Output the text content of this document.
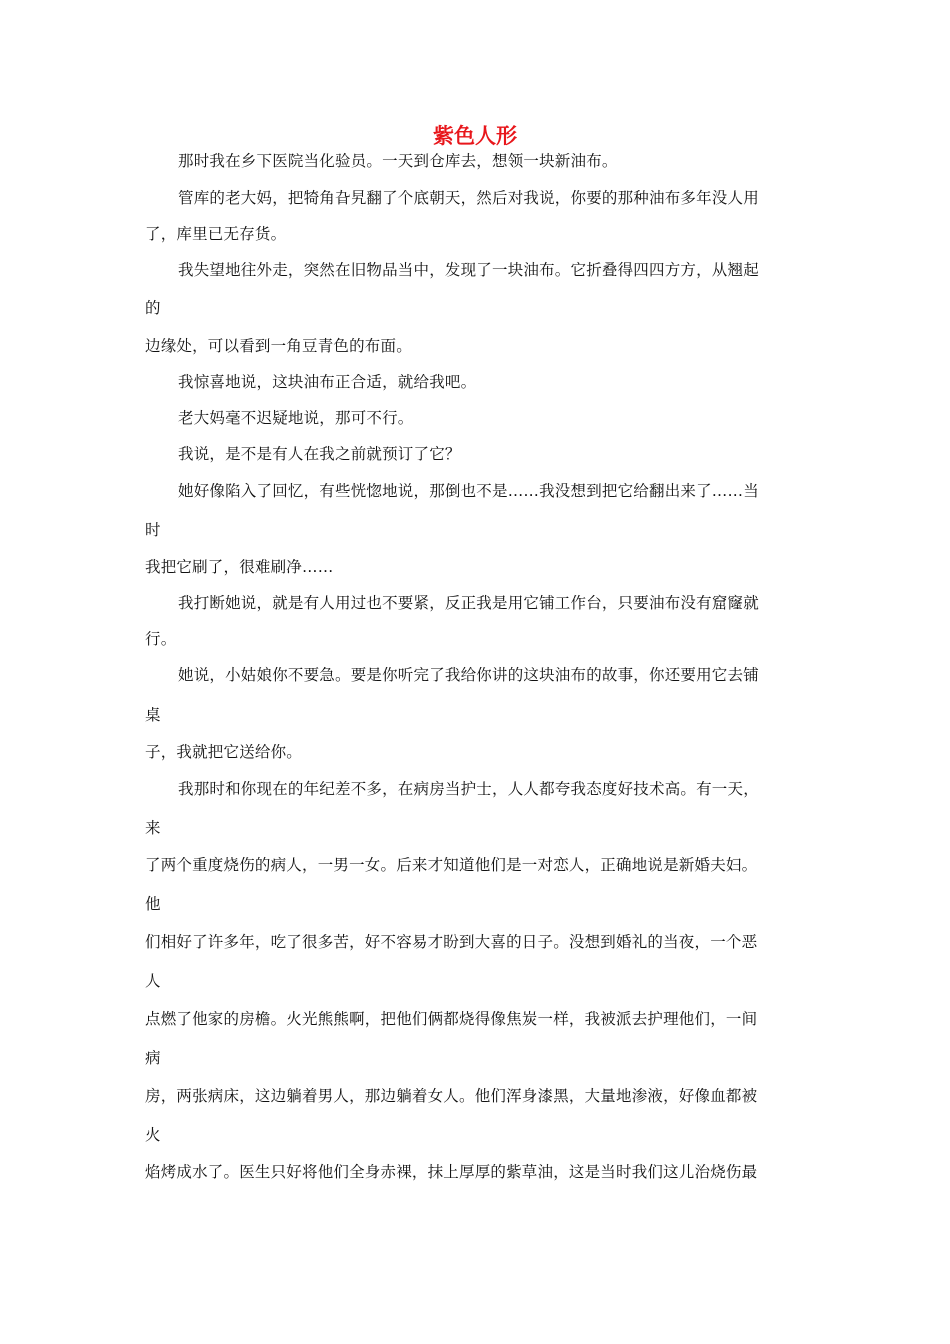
紫色人形
那时我在乡下医院当化验员。一天到仓库去，想领一块新油布。
管库的老大妈，把犄角旮旯翻了个底朝天，然后对我说，你要的那种油布多年没人用
了，库里已无存货。
我失望地往外走，突然在旧物品当中，发现了一块油布。它折叠得四四方方，从翘起
的
边缘处，可以看到一角豆青色的布面。
我惊喜地说，这块油布正合适，就给我吧。
老大妈毫不迟疑地说，那可不行。
我说，是不是有人在我之前就预订了它？
她好像陷入了回忆，有些恍惚地说，那倒也不是……我没想到把它给翻出来了……当
时
我把它刷了，很难刷净……
我打断她说，就是有人用过也不要紧，反正我是用它铺工作台，只要油布没有窟窿就
行。
她说，小姑娘你不要急。要是你听完了我给你讲的这块油布的故事，你还要用它去铺
桌
子，我就把它送给你。
我那时和你现在的年纪差不多，在病房当护士，人人都夸我态度好技术高。有一天，
来
了两个重度烧伤的病人，一男一女。后来才知道他们是一对恋人，正确地说是新婚夫妇。
他
们相好了许多年，吃了很多苦，好不容易才盼到大喜的日子。没想到婚礼的当夜，一个恶
人
点燃了他家的房檐。火光熊熊啊，把他们俩都烧得像焦炭一样，我被派去护理他们，一间
病
房，两张病床，这边躺着男人，那边躺着女人。他们浑身漆黑，大量地渗液，好像血都被
火
焰烤成水了。医生只好将他们全身赤裸，抹上厚厚的紫草油，这是当时我们这儿治烧伤最
